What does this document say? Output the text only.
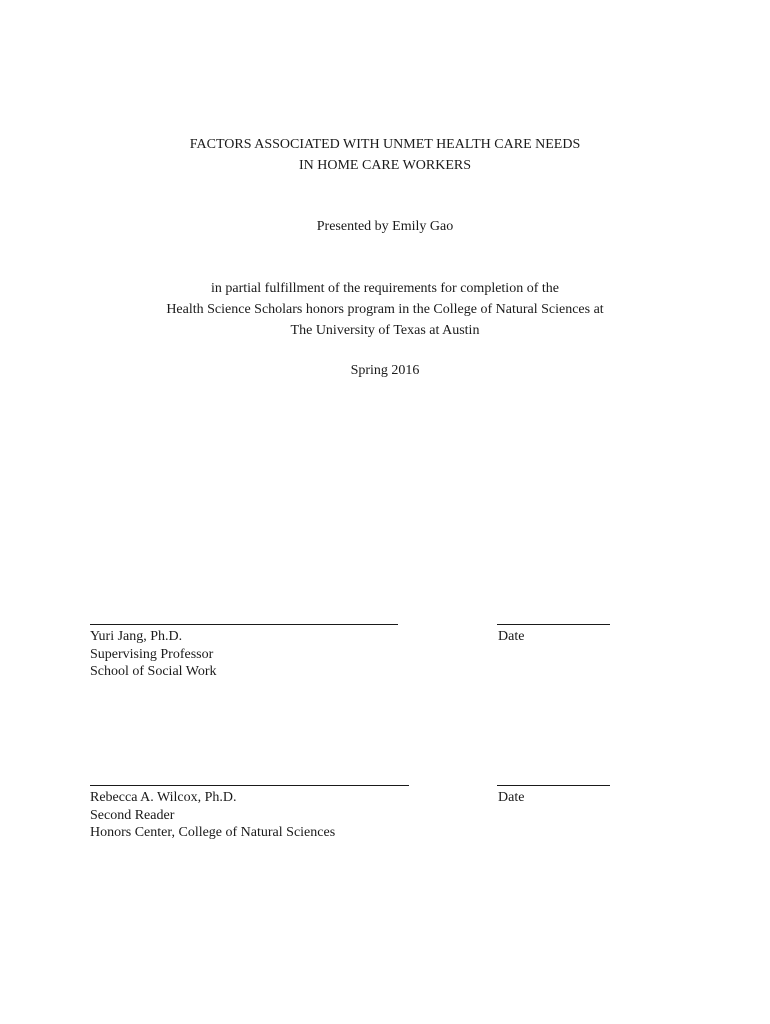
FACTORS ASSOCIATED WITH UNMET HEALTH CARE NEEDS
IN HOME CARE WORKERS
Presented by Emily Gao
in partial fulfillment of the requirements for completion of the
Health Science Scholars honors program in the College of Natural Sciences at
The University of Texas at Austin
Spring 2016
Yuri Jang, Ph.D.
Supervising Professor
School of Social Work
Date
Rebecca A. Wilcox, Ph.D.
Second Reader
Honors Center, College of Natural Sciences
Date
